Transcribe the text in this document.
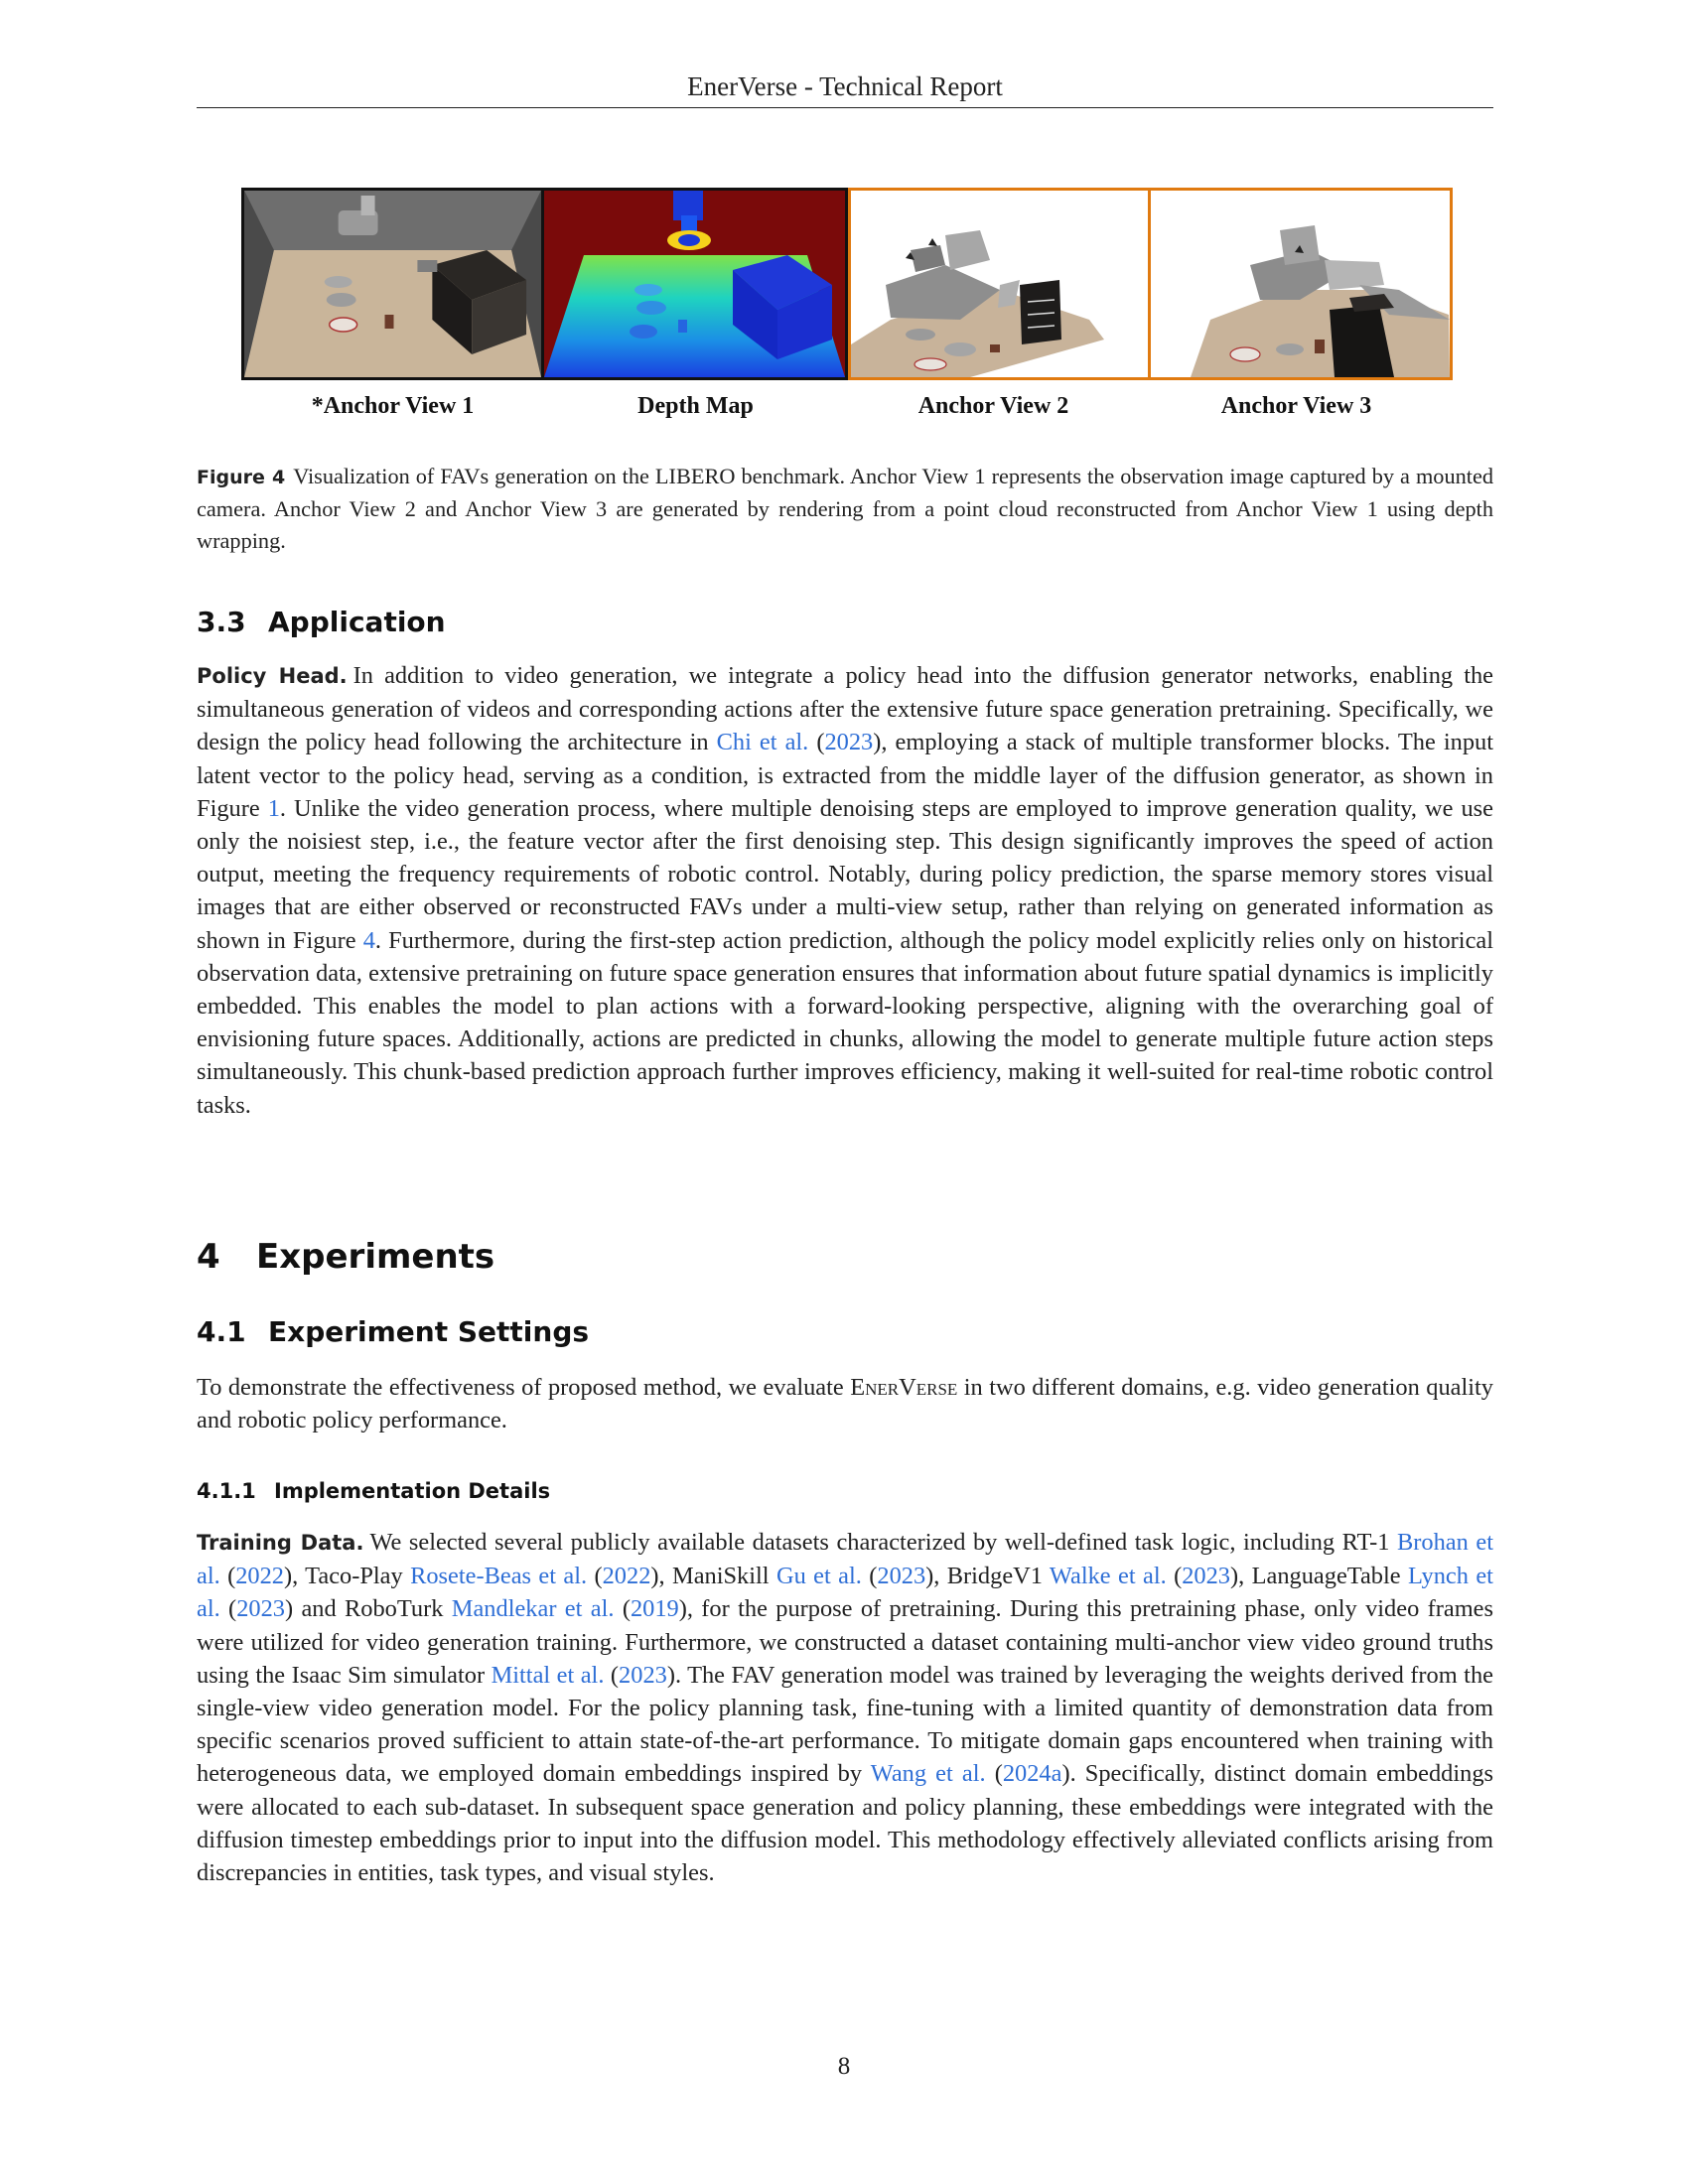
EnerVerse - Technical Report
*Anchor View 1	Depth Map	Anchor View 2	Anchor View 3
Figure 4 Visualization of FAVs generation on the LIBERO benchmark. Anchor View 1 represents the observation image captured by a mounted camera. Anchor View 2 and Anchor View 3 are generated by rendering from a point cloud reconstructed from Anchor View 1 using depth wrapping.
3.3 Application
Policy Head. In addition to video generation, we integrate a policy head into the diffusion generator networks, enabling the simultaneous generation of videos and corresponding actions after the extensive future space generation pretraining. Specifically, we design the policy head following the architecture in Chi et al. (2023), employing a stack of multiple transformer blocks. The input latent vector to the policy head, serving as a condition, is extracted from the middle layer of the diffusion generator, as shown in Figure 1. Unlike the video generation process, where multiple denoising steps are employed to improve generation quality, we use only the noisiest step, i.e., the feature vector after the first denoising step. This design significantly improves the speed of action output, meeting the frequency requirements of robotic control. Notably, during policy prediction, the sparse memory stores visual images that are either observed or reconstructed FAVs under a multi-view setup, rather than relying on generated information as shown in Figure 4. Furthermore, during the first-step action prediction, although the policy model explicitly relies only on historical observation data, extensive pretraining on future space generation ensures that information about future spatial dynamics is implicitly embedded. This enables the model to plan actions with a forward-looking perspective, aligning with the overarching goal of envisioning future spaces. Additionally, actions are predicted in chunks, allowing the model to generate multiple future action steps simultaneously. This chunk-based prediction approach further improves efficiency, making it well-suited for real-time robotic control tasks.
4 Experiments
4.1 Experiment Settings
To demonstrate the effectiveness of proposed method, we evaluate EnerVerse in two different domains, e.g. video generation quality and robotic policy performance.
4.1.1 Implementation Details
Training Data. We selected several publicly available datasets characterized by well-defined task logic, including RT-1 Brohan et al. (2022), Taco-Play Rosete-Beas et al. (2022), ManiSkill Gu et al. (2023), BridgeV1 Walke et al. (2023), LanguageTable Lynch et al. (2023) and RoboTurk Mandlekar et al. (2019), for the purpose of pretraining. During this pretraining phase, only video frames were utilized for video generation training. Furthermore, we constructed a dataset containing multi-anchor view video ground truths using the Isaac Sim simulator Mittal et al. (2023). The FAV generation model was trained by leveraging the weights derived from the single-view video generation model. For the policy planning task, fine-tuning with a limited quantity of demonstration data from specific scenarios proved sufficient to attain state-of-the-art performance. To mitigate domain gaps encountered when training with heterogeneous data, we employed domain embeddings inspired by Wang et al. (2024a). Specifically, distinct domain embeddings were allocated to each sub-dataset. In subsequent space generation and policy planning, these embeddings were integrated with the diffusion timestep embeddings prior to input into the diffusion model. This methodology effectively alleviated conflicts arising from discrepancies in entities, task types, and visual styles.
8
